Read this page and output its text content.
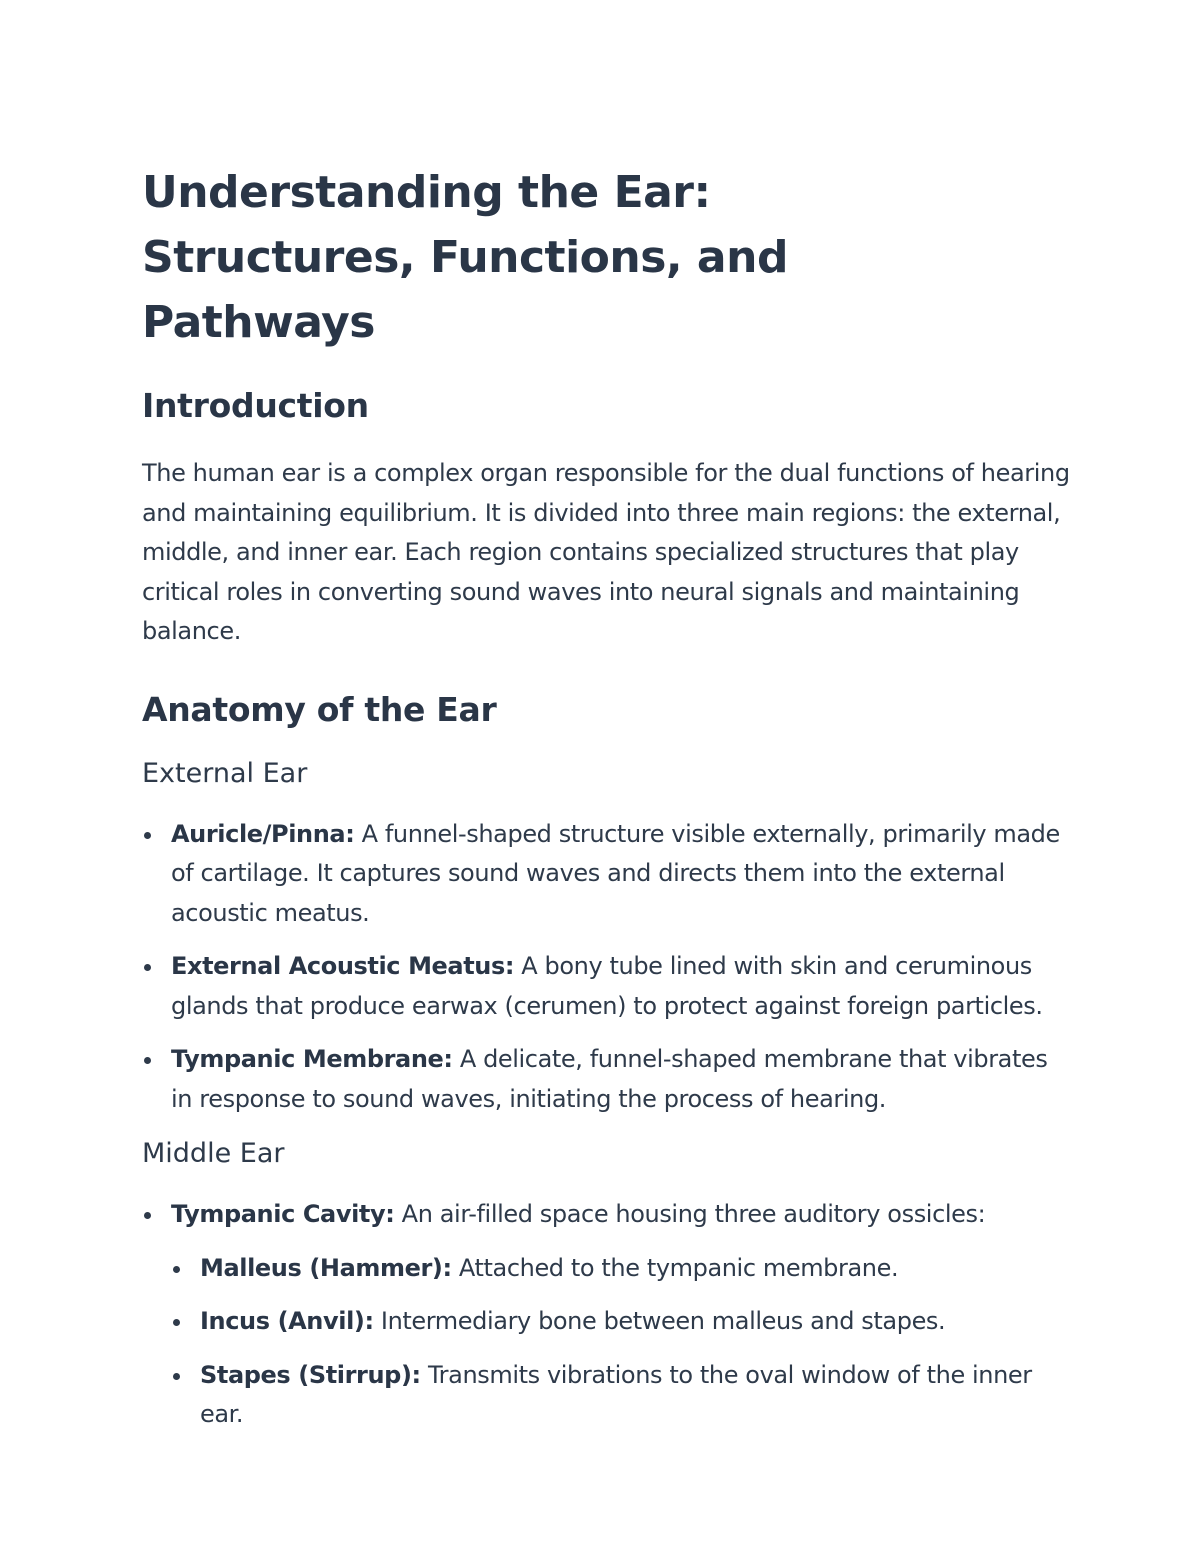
Understanding the Ear: Structures, Functions, and Pathways
Introduction

The human ear is a complex organ responsible for the dual functions of hearing and maintaining equilibrium. It is divided into three main regions: the external, middle, and inner ear. Each region contains specialized structures that play critical roles in converting sound waves into neural signals and maintaining balance.

Anatomy of the Ear
External Ear
Auricle/Pinna: A funnel-shaped structure visible externally, primarily made of cartilage. It captures sound waves and directs them into the external acoustic meatus.
External Acoustic Meatus: A bony tube lined with skin and ceruminous glands that produce earwax (cerumen) to protect against foreign particles.
Tympanic Membrane: A delicate, funnel-shaped membrane that vibrates in response to sound waves, initiating the process of hearing.
Middle Ear
Tympanic Cavity: An air-filled space housing three auditory ossicles:
Malleus (Hammer): Attached to the tympanic membrane.
Incus (Anvil): Intermediary bone between malleus and stapes.
Stapes (Stirrup): Transmits vibrations to the oval window of the inner ear.
